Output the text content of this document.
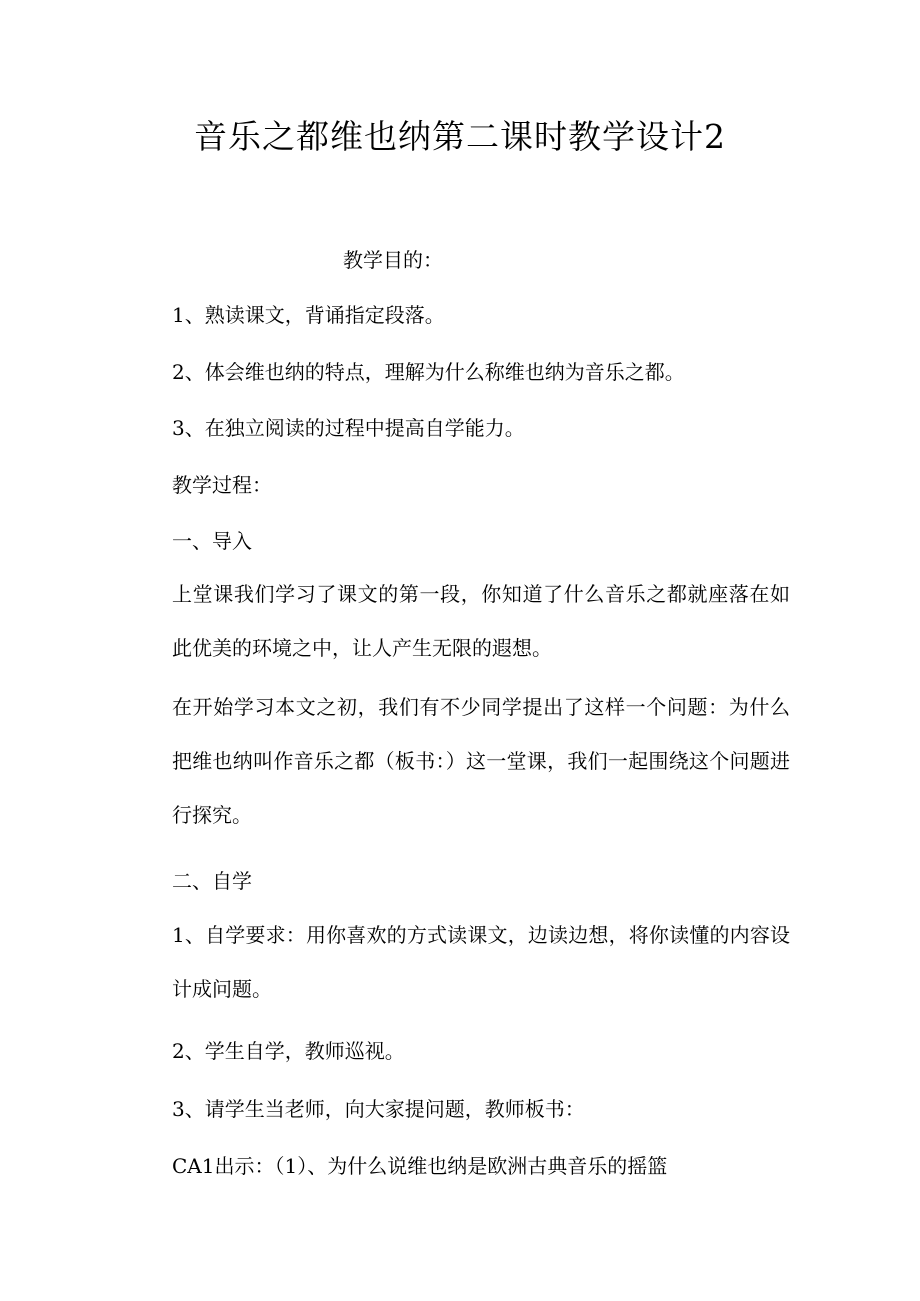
音乐之都维也纳第二课时教学设计2

教学目的：

1、熟读课文，背诵指定段落。

2、体会维也纳的特点，理解为什么称维也纳为音乐之都。

3、在独立阅读的过程中提高自学能力。

教学过程：

一、导入

上堂课我们学习了课文的第一段，你知道了什么音乐之都就座落在如此优美的环境之中，让人产生无限的遐想。

在开始学习本文之初，我们有不少同学提出了这样一个问题：为什么把维也纳叫作音乐之都（板书：）这一堂课，我们一起围绕这个问题进行探究。

二、自学

1、自学要求：用你喜欢的方式读课文，边读边想，将你读懂的内容设计成问题。

2、学生自学，教师巡视。

3、请学生当老师，向大家提问题，教师板书：

CA1出示：（1）、为什么说维也纳是欧洲古典音乐的摇篮
